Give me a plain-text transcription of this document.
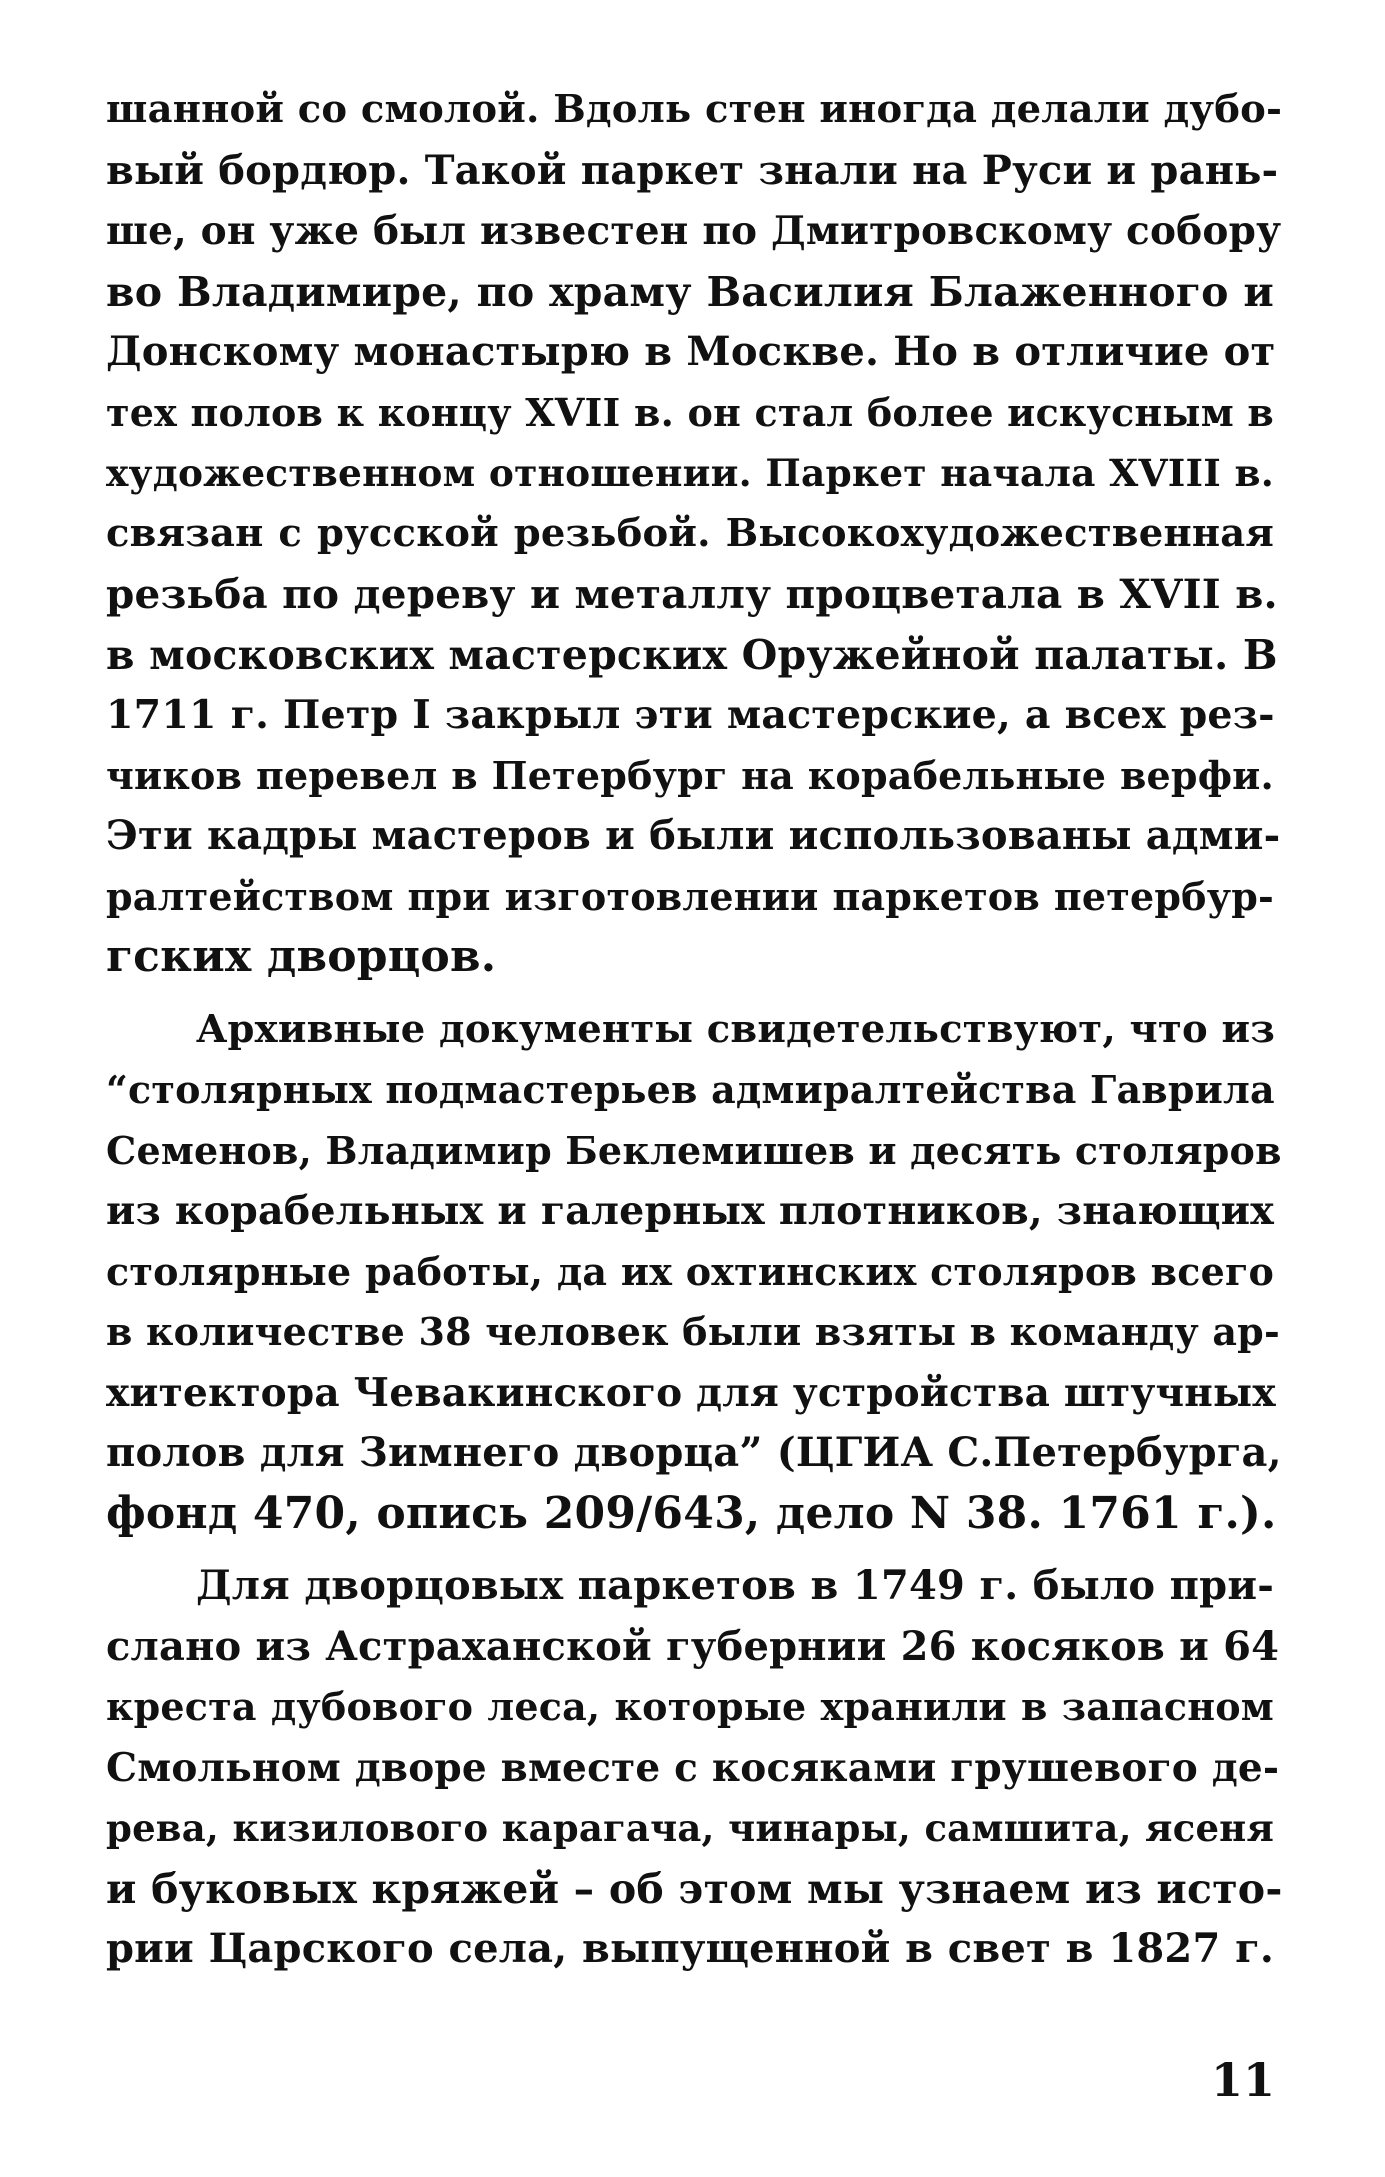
шанной со смолой. Вдоль стен иногда делали дубо-
вый бордюр. Такой паркет знали на Руси и рань-
ше, он уже был известен по Дмитровскому собору
во Владимире, по храму Василия Блаженного и
Донскому монастырю в Москве. Но в отличие от
тех полов к концу XVII в. он стал более искусным в
художественном отношении. Паркет начала XVIII в.
связан с русской резьбой. Высокохудожественная
резьба по дереву и металлу процветала в XVII в.
в московских мастерских Оружейной палаты. В
1711 г. Петр I закрыл эти мастерские, а всех рез-
чиков перевел в Петербург на корабельные верфи.
Эти кадры мастеров и были использованы адми-
ралтейством при изготовлении паркетов петербур-
гских дворцов.
Архивные документы свидетельствуют, что из
“столярных подмастерьев адмиралтейства Гаврила
Семенов, Владимир Беклемишев и десять столяров
из корабельных и галерных плотников, знающих
столярные работы, да их охтинских столяров всего
в количестве 38 человек были взяты в команду ар-
хитектора Чевакинского для устройства штучных
полов для Зимнего дворца” (ЦГИА С.Петербурга,
фонд 470, опись 209/643, дело N 38. 1761 г.).
Для дворцовых паркетов в 1749 г. было при-
слано из Астраханской губернии 26 косяков и 64
креста дубового леса, которые хранили в запасном
Смольном дворе вместе с косяками грушевого де-
рева, кизилового карагача, чинары, самшита, ясеня
и буковых кряжей – об этом мы узнаем из исто-
рии Царского села, выпущенной в свет в 1827 г.
11
